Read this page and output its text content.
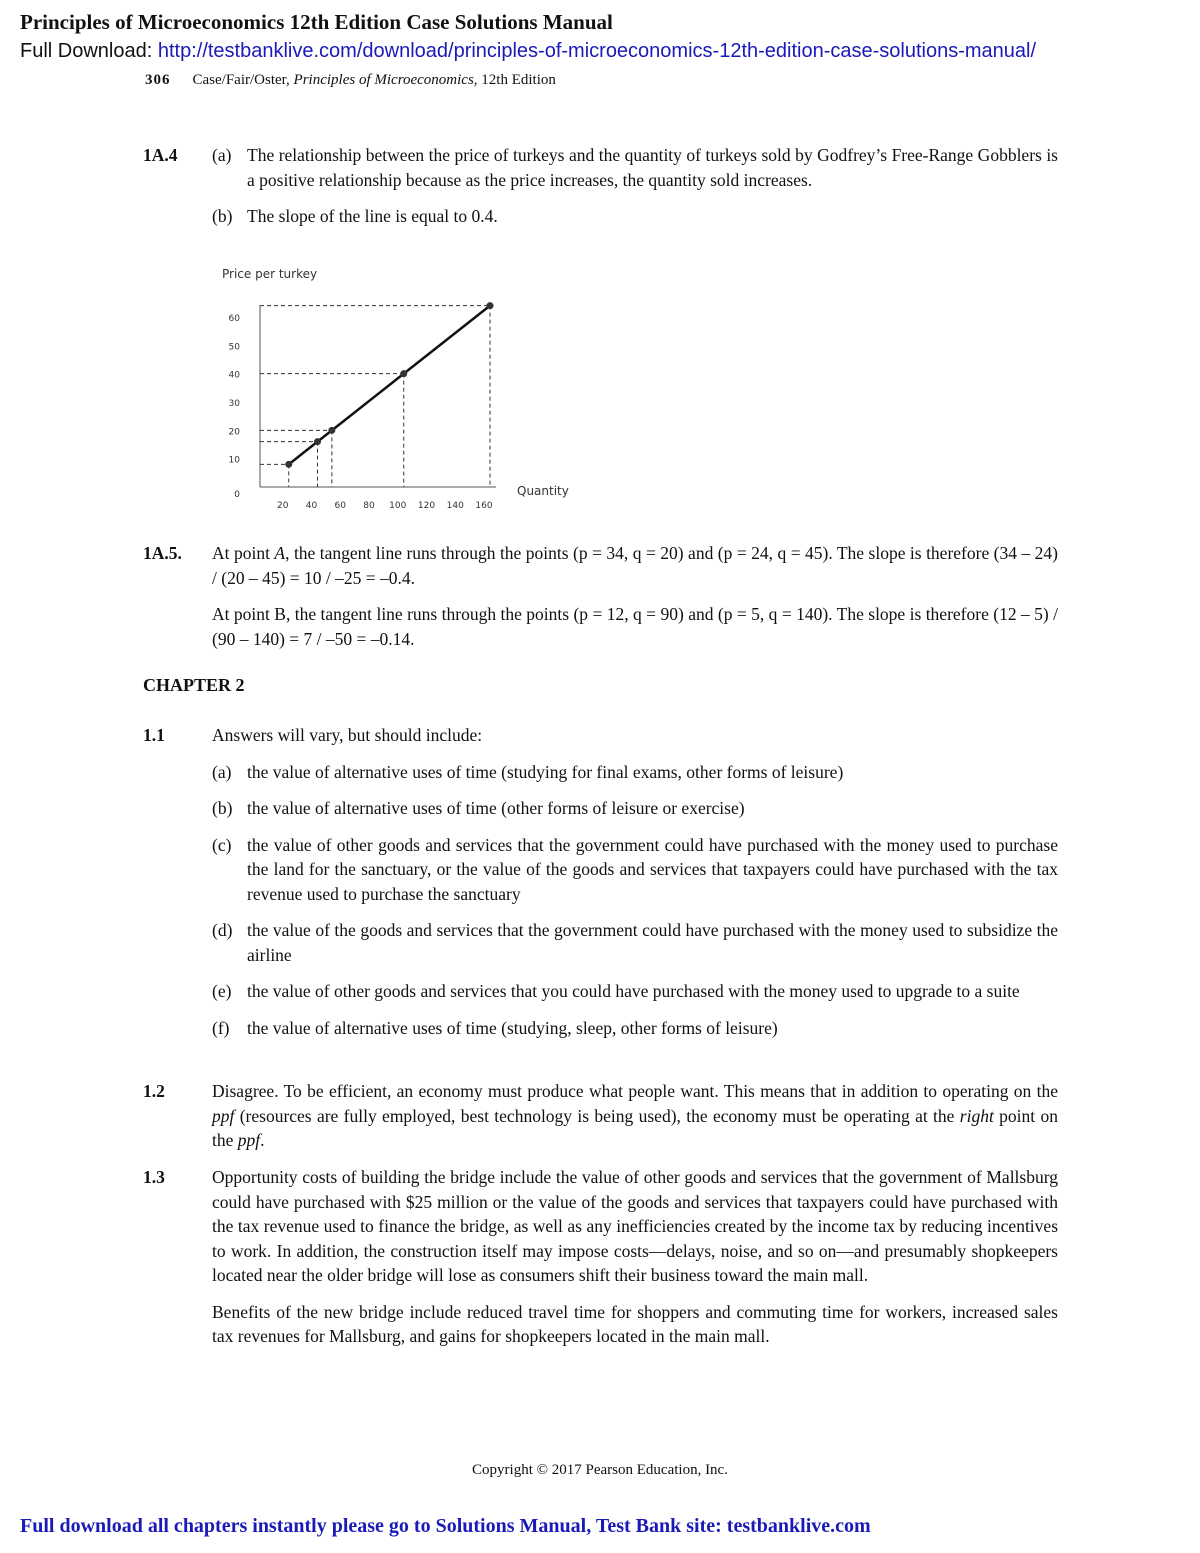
Principles of Microeconomics 12th Edition Case Solutions Manual
Full Download: http://testbanklive.com/download/principles-of-microeconomics-12th-edition-case-solutions-manual/
306 Case/Fair/Oster, Principles of Microeconomics, 12th Edition
1A.4 (a) The relationship between the price of turkeys and the quantity of turkeys sold by Godfrey’s Free-Range Gobblers is a positive relationship because as the price increases, the quantity sold increases.
(b) The slope of the line is equal to 0.4.
Price per turkey
Quantity
60
50
40
30
20
10
0
20 40 60 80 100 120 140 160
1A.5. At point A, the tangent line runs through the points (p = 34, q = 20) and (p = 24, q = 45). The slope is therefore (34 – 24) / (20 – 45) = 10 / –25 = –0.4.
At point B, the tangent line runs through the points (p = 12, q = 90) and (p = 5, q = 140). The slope is therefore (12 – 5) / (90 – 140) = 7 / –50 = –0.14.
CHAPTER 2
1.1	Answers will vary, but should include:
(a) the value of alternative uses of time (studying for final exams, other forms of leisure)
(b) the value of alternative uses of time (other forms of leisure or exercise)
(c) the value of other goods and services that the government could have purchased with the money used to purchase the land for the sanctuary, or the value of the goods and services that taxpayers could have purchased with the tax revenue used to purchase the sanctuary
(d) the value of the goods and services that the government could have purchased with the money used to subsidize the airline
(e) the value of other goods and services that you could have purchased with the money used to upgrade to a suite
(f) the value of alternative uses of time (studying, sleep, other forms of leisure)
1.2	Disagree. To be efficient, an economy must produce what people want. This means that in addition to operating on the ppf (resources are fully employed, best technology is being used), the economy must be operating at the right point on the ppf.
1.3	Opportunity costs of building the bridge include the value of other goods and services that the government of Mallsburg could have purchased with $25 million or the value of the goods and services that taxpayers could have purchased with the tax revenue used to finance the bridge, as well as any inefficiencies created by the income tax by reducing incentives to work. In addition, the construction itself may impose costs—delays, noise, and so on—and presumably shopkeepers located near the older bridge will lose as consumers shift their business toward the main mall.
Benefits of the new bridge include reduced travel time for shoppers and commuting time for workers, increased sales tax revenues for Mallsburg, and gains for shopkeepers located in the main mall.
Copyright © 2017 Pearson Education, Inc.
Full download all chapters instantly please go to Solutions Manual, Test Bank site: testbanklive.com
